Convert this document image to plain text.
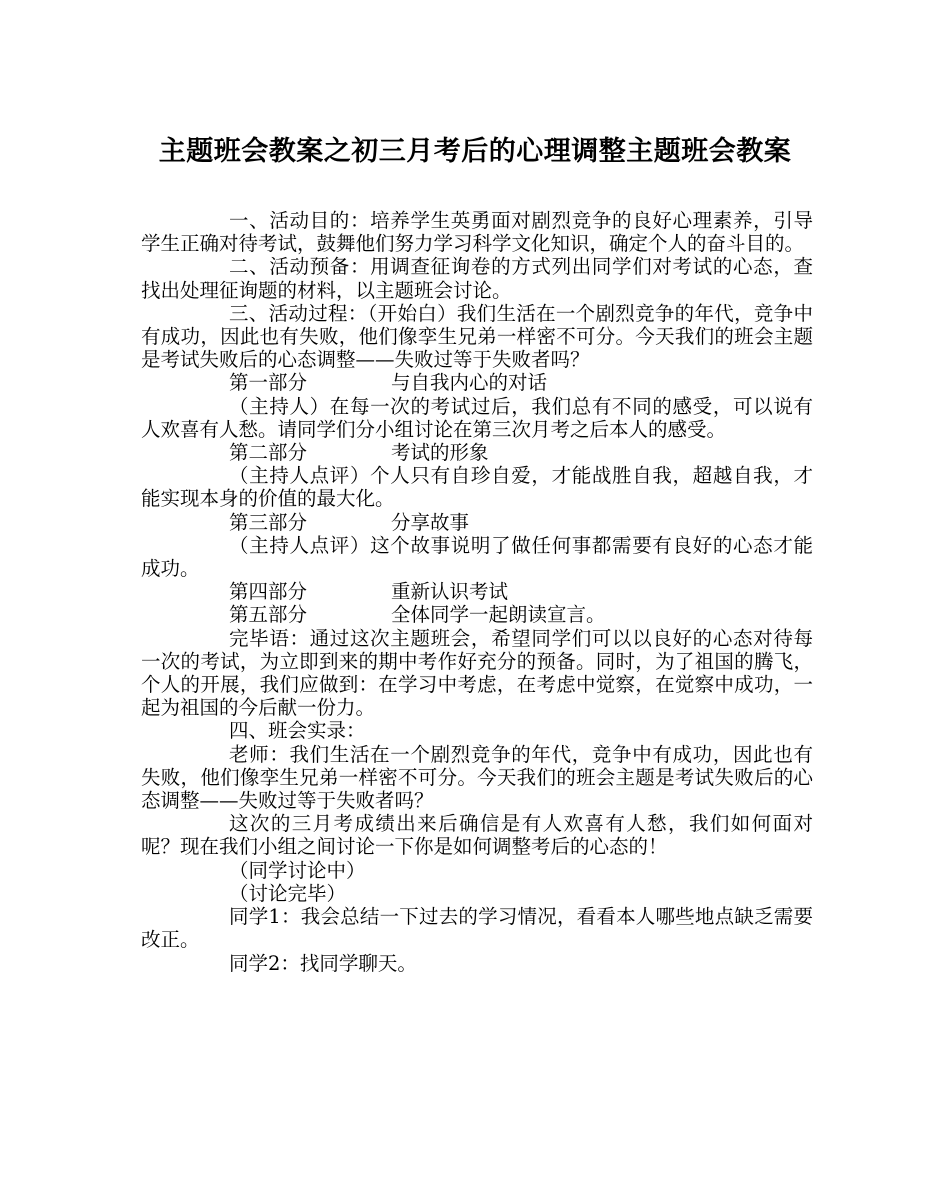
主题班会教案之初三月考后的心理调整主题班会教案

一、活动目的：培养学生英勇面对剧烈竞争的良好心理素养，引导学生正确对待考试，鼓舞他们努力学习科学文化知识，确定个人的奋斗目的。

二、活动预备：用调查征询卷的方式列出同学们对考试的心态，查找出处理征询题的材料，以主题班会讨论。

三、活动过程：（开始白）我们生活在一个剧烈竞争的年代，竞争中有成功，因此也有失败，他们像孪生兄弟一样密不可分。今天我们的班会主题是考试失败后的心态调整——失败过等于失败者吗？

第一部分	与自我内心的对话

（主持人）在每一次的考试过后，我们总有不同的感受，可以说有人欢喜有人愁。请同学们分小组讨论在第三次月考之后本人的感受。

第二部分	考试的形象

（主持人点评）个人只有自珍自爱，才能战胜自我，超越自我，才能实现本身的价值的最大化。

第三部分	分享故事

（主持人点评）这个故事说明了做任何事都需要有良好的心态才能成功。

第四部分	重新认识考试

第五部分	全体同学一起朗读宣言。

完毕语：通过这次主题班会，希望同学们可以以良好的心态对待每一次的考试，为立即到来的期中考作好充分的预备。同时，为了祖国的腾飞，个人的开展，我们应做到：在学习中考虑，在考虑中觉察，在觉察中成功，一起为祖国的今后献一份力。

四、班会实录：

老师：我们生活在一个剧烈竞争的年代，竞争中有成功，因此也有失败，他们像孪生兄弟一样密不可分。今天我们的班会主题是考试失败后的心态调整——失败过等于失败者吗？

这次的三月考成绩出来后确信是有人欢喜有人愁，我们如何面对呢？现在我们小组之间讨论一下你是如何调整考后的心态的！

（同学讨论中）

（讨论完毕）

同学1：我会总结一下过去的学习情况，看看本人哪些地点缺乏需要改正。

同学2：找同学聊天。
